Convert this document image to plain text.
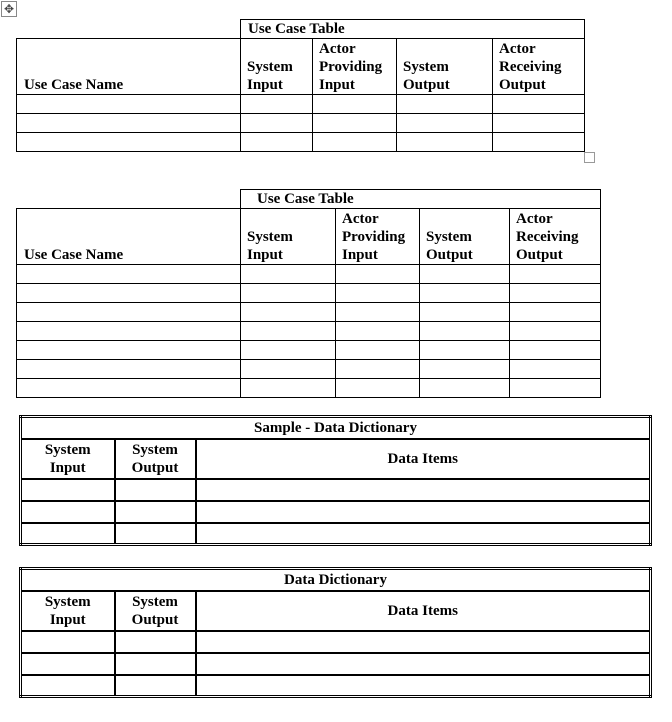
✥
	Use Case Table			
Use Case Name	System Input	Actor Providing Input	System Output	Actor Receiving Output

	Use Case Table			
Use Case Name	System Input	Actor Providing Input	System Output	Actor Receiving Output

Sample - Data Dictionary		
System Input	System Output	Data Items

Data Dictionary		
System Input	System Output	Data Items
